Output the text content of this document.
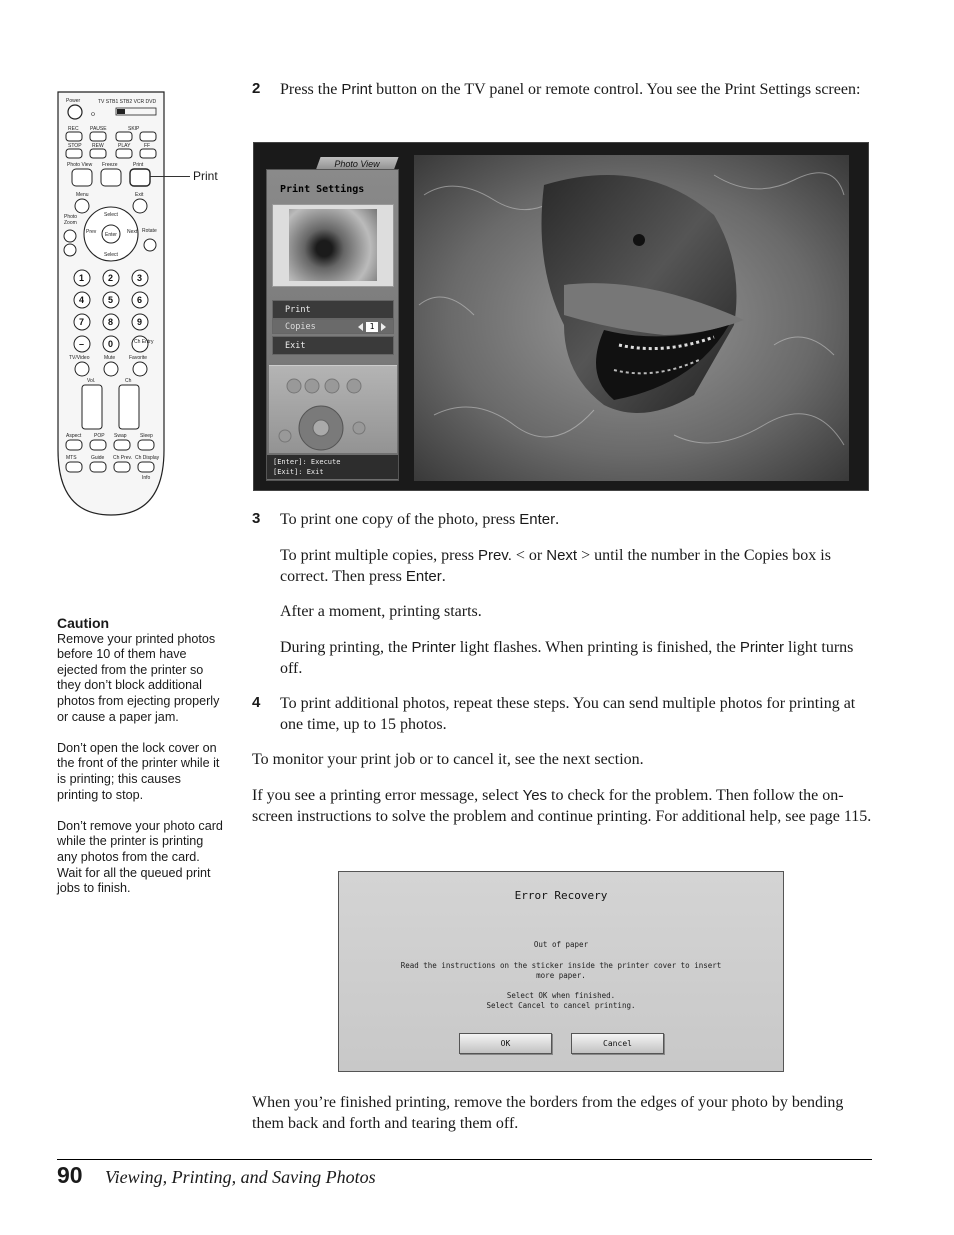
Power	TV STB1 STB2 VCR DVD
REC PAUSE	SKIP
STOP REW	PLAY	FF
Photo View Freeze	Print
Menu	Exit
Select
Select
Prev Enter Next
Photo
Zoom
Rotate
1	2	3
4	5	6
7	8	9
–	0	Ch Entry
TV/Video	Mute	Favorite
Vol.	Ch
Aspect	POP Swap	Sleep
MTS	Guide Ch Prev. Ch Display
Info
Print
Caution

Remove your printed photos before 10 of them have ejected from the printer so they don’t block additional photos from ejecting properly or cause a paper jam.

Don’t open the lock cover on the front of the printer while it is printing; this causes printing to stop.

Don’t remove your photo card while the printer is printing any photos from the card. Wait for all the queued print jobs to finish.

2 Press the Print button on the TV panel or remote control. You see the Print Settings screen:
Photo View
Print Settings
Print
Copies	1
Exit
[Enter]: Execute
[Exit]: Exit
3 To print one copy of the photo, press Enter.
To print multiple copies, press Prev. < or Next > until the number in the Copies box is correct. Then press Enter.
After a moment, printing starts.
During printing, the Printer light flashes. When printing is finished, the Printer light turns off.
4 To print additional photos, repeat these steps. You can send multiple photos for printing at one time, up to 15 photos.
To monitor your print job or to cancel it, see the next section.
If you see a printing error message, select Yes to check for the problem. Then follow the on-screen instructions to solve the problem and continue printing. For additional help, see page 115.
Error Recovery
Out of paper
Read the instructions on the sticker inside the printer cover to insert
more paper.
Select OK when finished.
Select Cancel to cancel printing.
OK	Cancel
When you’re finished printing, remove the borders from the edges of your photo by bending them back and forth and tearing them off.
90 Viewing, Printing, and Saving Photos
